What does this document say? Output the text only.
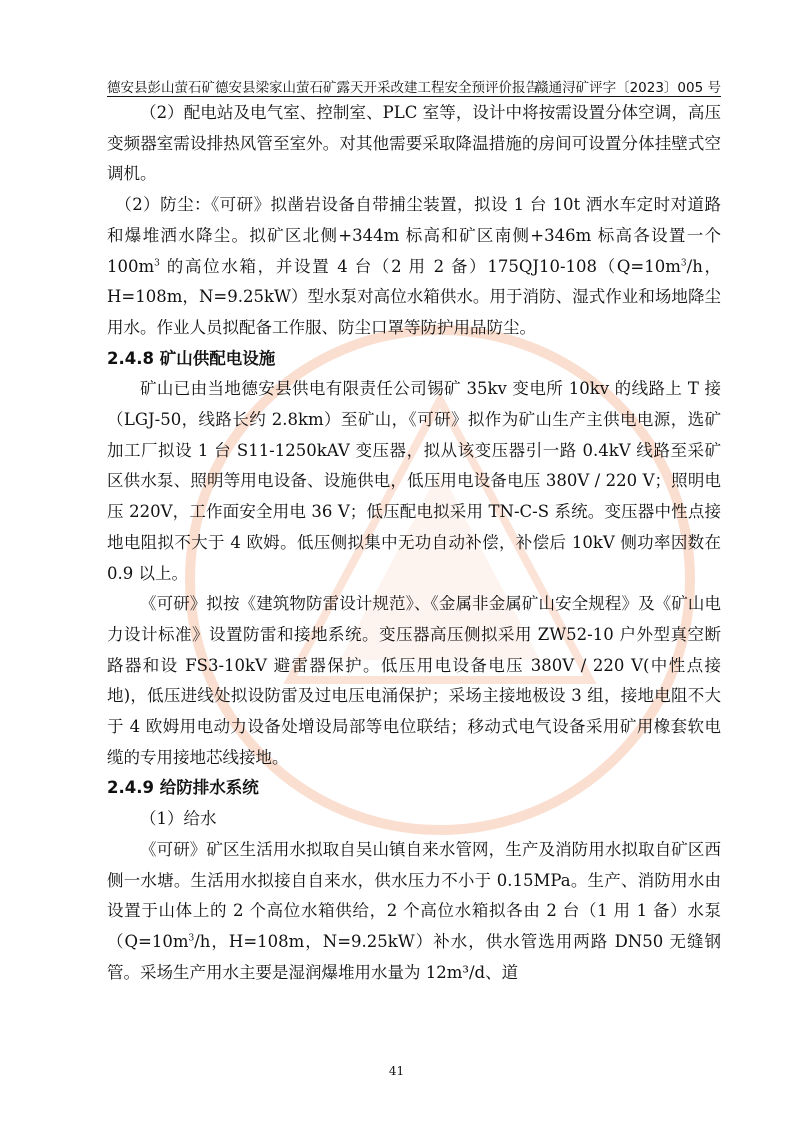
德安县彭山萤石矿德安县梁家山萤石矿露天开采改建工程安全预评价报告
赣通浔矿评字〔2023〕005 号

（2）配电站及电气室、控制室、PLC 室等，设计中将按需设置分体空调，高压变频器室需设排热风管至室外。对其他需要采取降温措施的房间可设置分体挂壁式空调机。

（2）防尘：《可研》拟凿岩设备自带捕尘装置，拟设 1 台 10t 洒水车定时对道路和爆堆洒水降尘。拟矿区北侧+344m 标高和矿区南侧+346m 标高各设置一个 $100m^3$ 的高位水箱，并设置 4 台（2 用 2 备）$175QJ10-108(Q=10m^3/h$，H=108m，N=9.25kW）型水泵对高位水箱供水。用于消防、湿式作业和场地降尘用水。作业人员拟配备工作服、防尘口罩等防护用品防尘。

2.4.8 矿山供配电设施

矿山已由当地德安县供电有限责任公司锡矿 35kv 变电所 10kv 的线路上 T 接（LGJ-50，线路长约 2.8km）至矿山，《可研》拟作为矿山生产主供电电源，选矿加工厂拟设 1 台 S11-1250kAV 变压器，拟从该变压器引一路 0.4kV 线路至采矿区供水泵、照明等用电设备、设施供电，低压用电设备电压 380V / 220 V；照明电压 220V，工作面安全用电 36 V；低压配电拟采用 TN-C-S 系统。变压器中性点接地电阻拟不大于 4 欧姆。低压侧拟集中无功自动补偿，补偿后 10kV 侧功率因数在 0.9 以上。

《可研》拟按《建筑物防雷设计规范》、《金属非金属矿山安全规程》及《矿山电力设计标准》设置防雷和接地系统。变压器高压侧拟采用 ZW52-10 户外型真空断路器和设 FS3-10kV 避雷器保护。低压用电设备电压 380V / 220 V(中性点接地)，低压进线处拟设防雷及过电压电涌保护；采场主接地极设 3 组，接地电阻不大于 4 欧姆用电动力设备处增设局部等电位联结；移动式电气设备采用矿用橡套软电缆的专用接地芯线接地。

2.4.9 给防排水系统

（1）给水

《可研》矿区生活用水拟取自吴山镇自来水管网，生产及消防用水拟取自矿区西侧一水塘。生活用水拟接自自来水，供水压力不小于 0.15MPa。生产、消防用水由设置于山体上的 2 个高位水箱供给，2 个高位水箱拟各由 2 台（1 用 1 备）水泵（$Q=10m^3/h$，H=108m，N=9.25kW）补水，供水管选用两路 DN50 无缝钢管。采场生产用水主要是湿润爆堆用水量为 12m³/d、道

41
